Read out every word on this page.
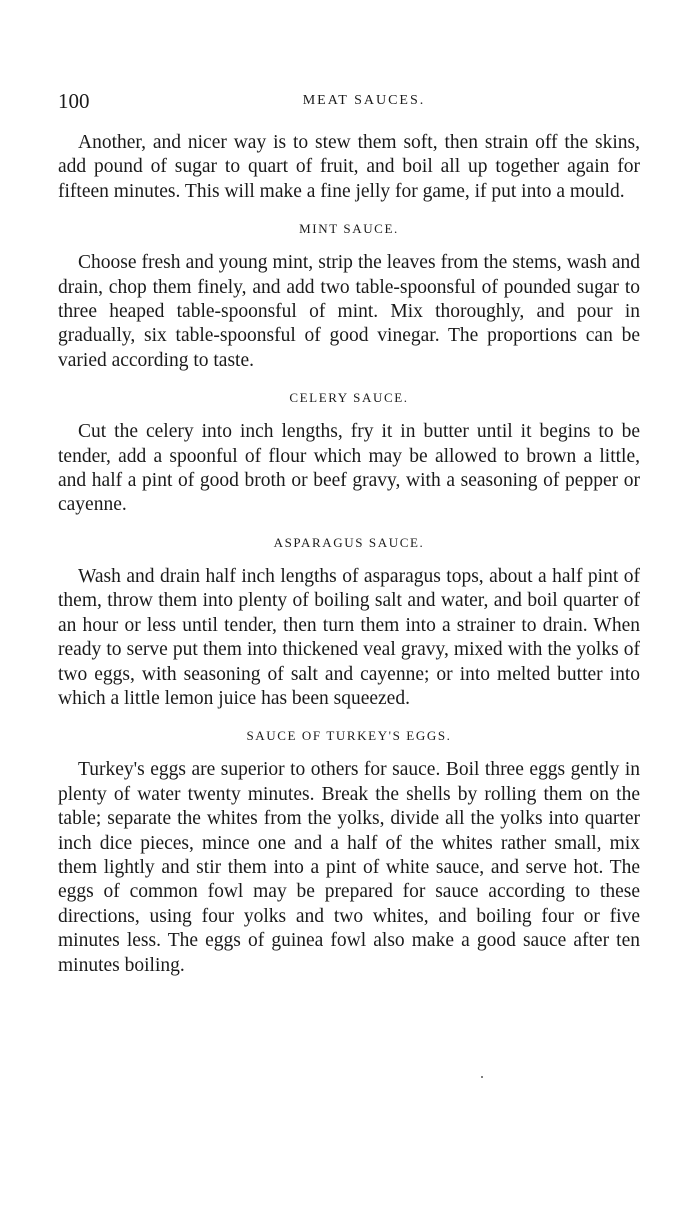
100	MEAT SAUCES.

Another, and nicer way is to stew them soft, then strain off the skins, add pound of sugar to quart of fruit, and boil all up together again for fifteen minutes. This will make a fine jelly for game, if put into a mould.

MINT SAUCE.

Choose fresh and young mint, strip the leaves from the stems, wash and drain, chop them finely, and add two table-spoonsful of pounded sugar to three heaped table-spoonsful of mint. Mix thoroughly, and pour in gradually, six table-spoonsful of good vinegar. The proportions can be varied according to taste.

CELERY SAUCE.

Cut the celery into inch lengths, fry it in butter until it begins to be tender, add a spoonful of flour which may be allowed to brown a little, and half a pint of good broth or beef gravy, with a seasoning of pepper or cayenne.

ASPARAGUS SAUCE.

Wash and drain half inch lengths of asparagus tops, about a half pint of them, throw them into plenty of boiling salt and water, and boil quarter of an hour or less until tender, then turn them into a strainer to drain. When ready to serve put them into thickened veal gravy, mixed with the yolks of two eggs, with seasoning of salt and cayenne; or into melted butter into which a little lemon juice has been squeezed.

SAUCE OF TURKEY'S EGGS.

Turkey's eggs are superior to others for sauce. Boil three eggs gently in plenty of water twenty minutes. Break the shells by rolling them on the table; separate the whites from the yolks, divide all the yolks into quarter inch dice pieces, mince one and a half of the whites rather small, mix them lightly and stir them into a pint of white sauce, and serve hot. The eggs of common fowl may be prepared for sauce according to these directions, using four yolks and two whites, and boiling four or five minutes less. The eggs of guinea fowl also make a good sauce after ten minutes boiling.
